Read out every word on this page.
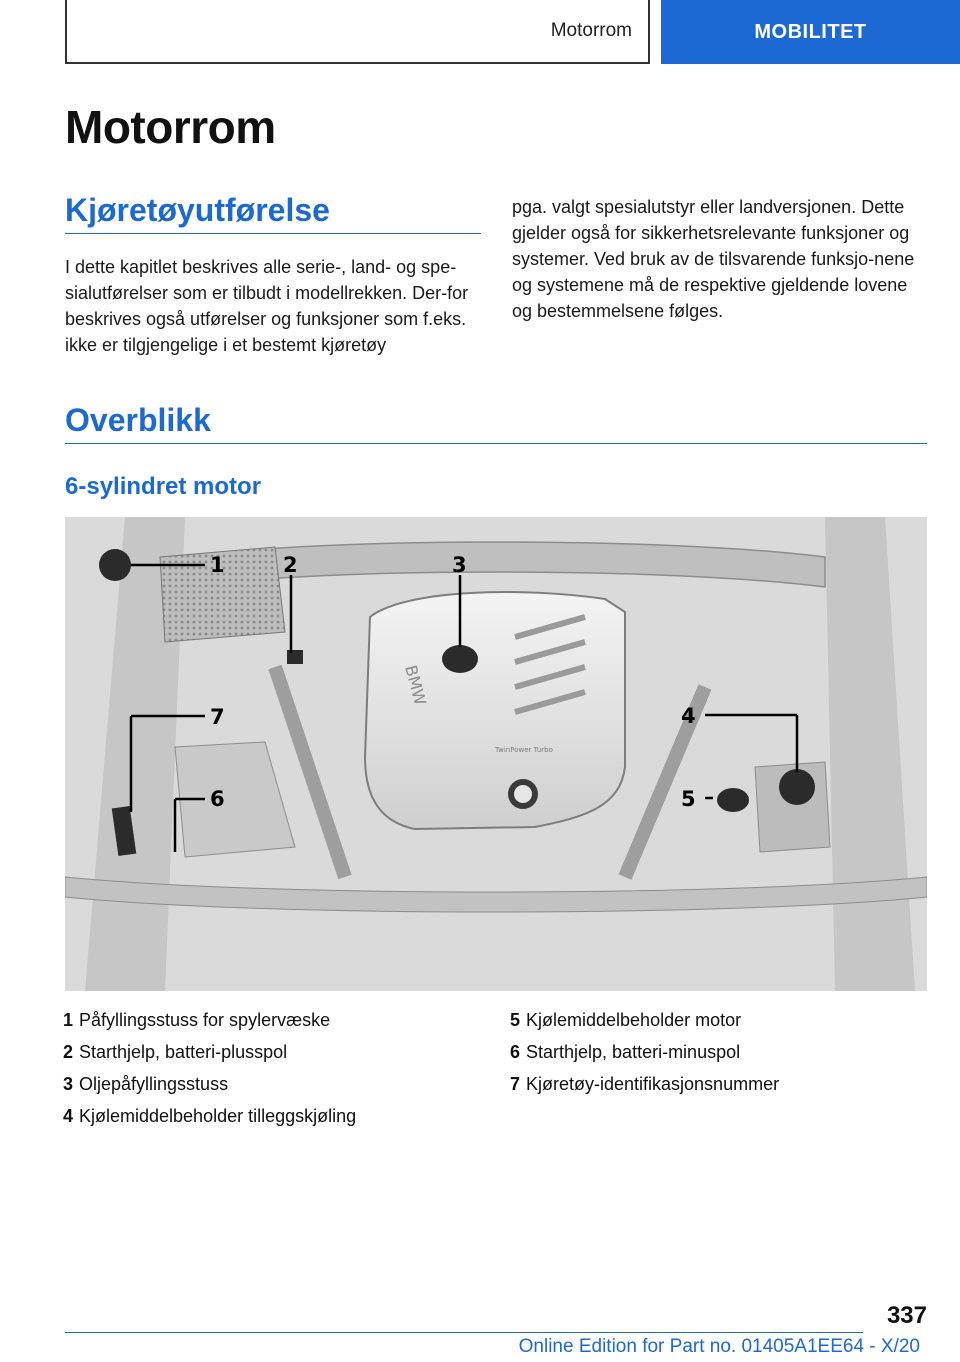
Motorrom	MOBILITET
Motorrom
Kjøretøyutførelse

I dette kapitlet beskrives alle serie-, land- og spe-sialutførelser som er tilbudt i modellrekken. Der-for beskrives også utførelser og funksjoner som f.eks. ikke er tilgjengelige i et bestemt kjøretøy

pga. valgt spesialutstyr eller landversjonen. Dette gjelder også for sikkerhetsrelevante funksjoner og systemer. Ved bruk av de tilsvarende funksjo-nene og systemene må de respektive gjeldende lovene og bestemmelsene følges.

Overblikk
6-sylindret motor
BMW
TwinPower Turbo
1	2	3
4
5
6
7
1 Påfyllingsstuss for spylervæske
2 Starthjelp, batteri-plusspol
3 Oljepåfyllingsstuss
4 Kjølemiddelbeholder tilleggskjøling
5 Kjølemiddelbeholder motor
6 Starthjelp, batteri-minuspol
7 Kjøretøy-identifikasjonsnummer
337
Online Edition for Part no. 01405A1EE64 - X/20
